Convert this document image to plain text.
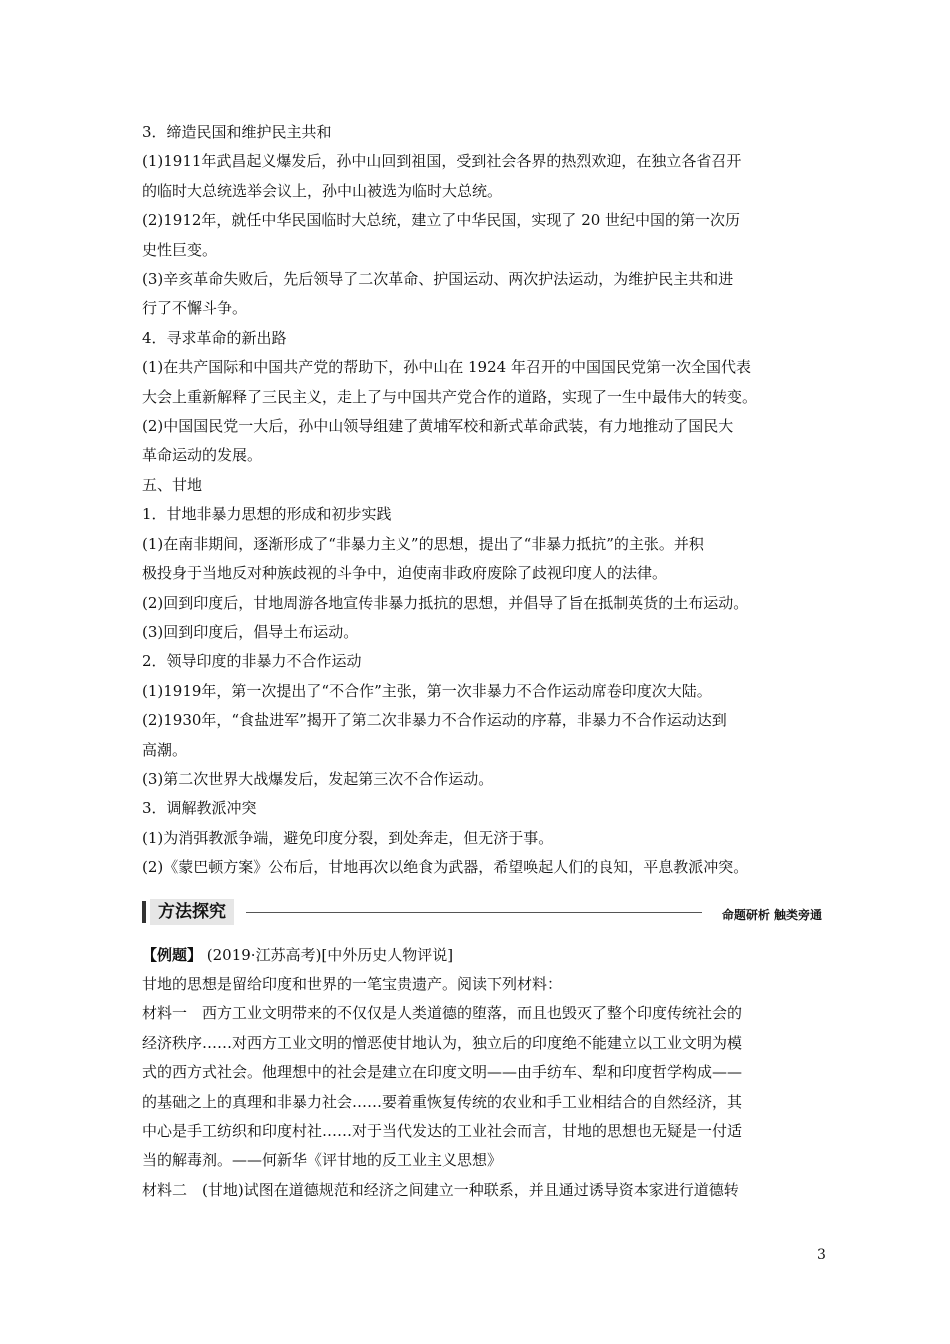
3．缔造民国和维护民主共和

(1)1911年武昌起义爆发后，孙中山回到祖国，受到社会各界的热烈欢迎，在独立各省召开

的临时大总统选举会议上，孙中山被选为临时大总统。

(2)1912年，就任中华民国临时大总统，建立了中华民国，实现了 20 世纪中国的第一次历

史性巨变。

(3)辛亥革命失败后，先后领导了二次革命、护国运动、两次护法运动，为维护民主共和进

行了不懈斗争。

4．寻求革命的新出路

(1)在共产国际和中国共产党的帮助下，孙中山在 1924 年召开的中国国民党第一次全国代表

大会上重新解释了三民主义，走上了与中国共产党合作的道路，实现了一生中最伟大的转变。

(2)中国国民党一大后，孙中山领导组建了黄埔军校和新式革命武装，有力地推动了国民大

革命运动的发展。

五、甘地

1．甘地非暴力思想的形成和初步实践

(1)在南非期间，逐渐形成了“非暴力主义”的思想，提出了“非暴力抵抗”的主张。并积

极投身于当地反对种族歧视的斗争中，迫使南非政府废除了歧视印度人的法律。

(2)回到印度后，甘地周游各地宣传非暴力抵抗的思想，并倡导了旨在抵制英货的土布运动。

(3)回到印度后，倡导土布运动。

2．领导印度的非暴力不合作运动

(1)1919年，第一次提出了“不合作”主张，第一次非暴力不合作运动席卷印度次大陆。

(2)1930年，“食盐进军”揭开了第二次非暴力不合作运动的序幕，非暴力不合作运动达到

高潮。

(3)第二次世界大战爆发后，发起第三次不合作运动。

3．调解教派冲突

(1)为消弭教派争端，避免印度分裂，到处奔走，但无济于事。

(2)《蒙巴顿方案》公布后，甘地再次以绝食为武器，希望唤起人们的良知，平息教派冲突。

方法探究	命题研析 触类旁通

【例题】 (2019·江苏高考)[中外历史人物评说]

甘地的思想是留给印度和世界的一笔宝贵遗产。阅读下列材料：

材料一　西方工业文明带来的不仅仅是人类道德的堕落，而且也毁灭了整个印度传统社会的

经济秩序……对西方工业文明的憎恶使甘地认为，独立后的印度绝不能建立以工业文明为模

式的西方式社会。他理想中的社会是建立在印度文明——由手纺车、犁和印度哲学构成——

的基础之上的真理和非暴力社会……要着重恢复传统的农业和手工业相结合的自然经济，其

中心是手工纺织和印度村社……对于当代发达的工业社会而言，甘地的思想也无疑是一付适

当的解毒剂。——何新华《评甘地的反工业主义思想》

材料二　(甘地)试图在道德规范和经济之间建立一种联系，并且通过诱导资本家进行道德转

3
